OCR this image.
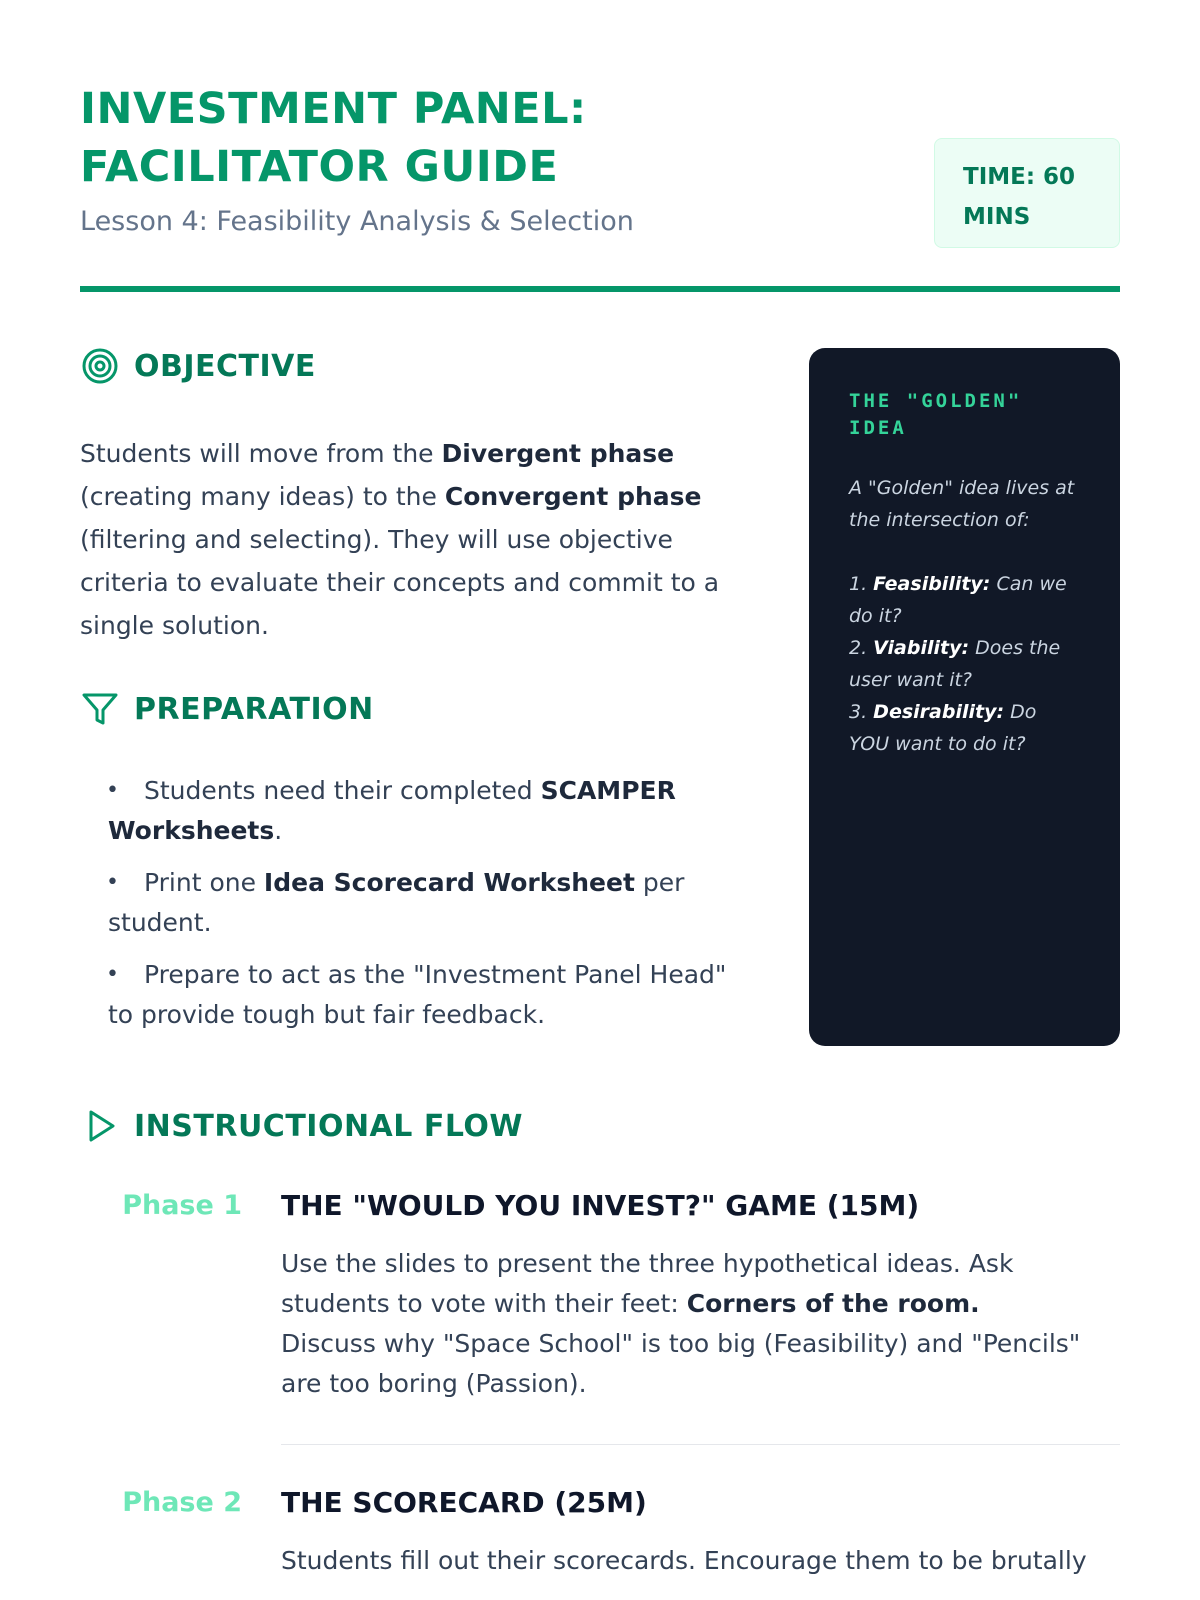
INVESTMENT PANEL:
FACILITATOR GUIDE
Lesson 4: Feasibility Analysis & Selection
TIME: 60
MINS
OBJECTIVE

Students will move from the Divergent phase (creating many ideas) to the Convergent phase (filtering and selecting). They will use objective criteria to evaluate their concepts and commit to a single solution.

PREPARATION
• Students need their completed SCAMPER Worksheets.
• Print one Idea Scorecard Worksheet per student.
• Prepare to act as the "Investment Panel Head" to provide tough but fair feedback.
THE "GOLDEN" IDEA
A "Golden" idea lives at the intersection of:
1. Feasibility: Can we do it?
2. Viability: Does the user want it?
3. Desirability: Do YOU want to do it?
INSTRUCTIONAL FLOW
Phase 1 THE "WOULD YOU INVEST?" GAME (15M)

Use the slides to present the three hypothetical ideas. Ask students to vote with their feet: Corners of the room.
Discuss why "Space School" is too big (Feasibility) and "Pencils" are too boring (Passion).

Phase 2 THE SCORECARD (25M)

Students fill out their scorecards. Encourage them to be brutally
